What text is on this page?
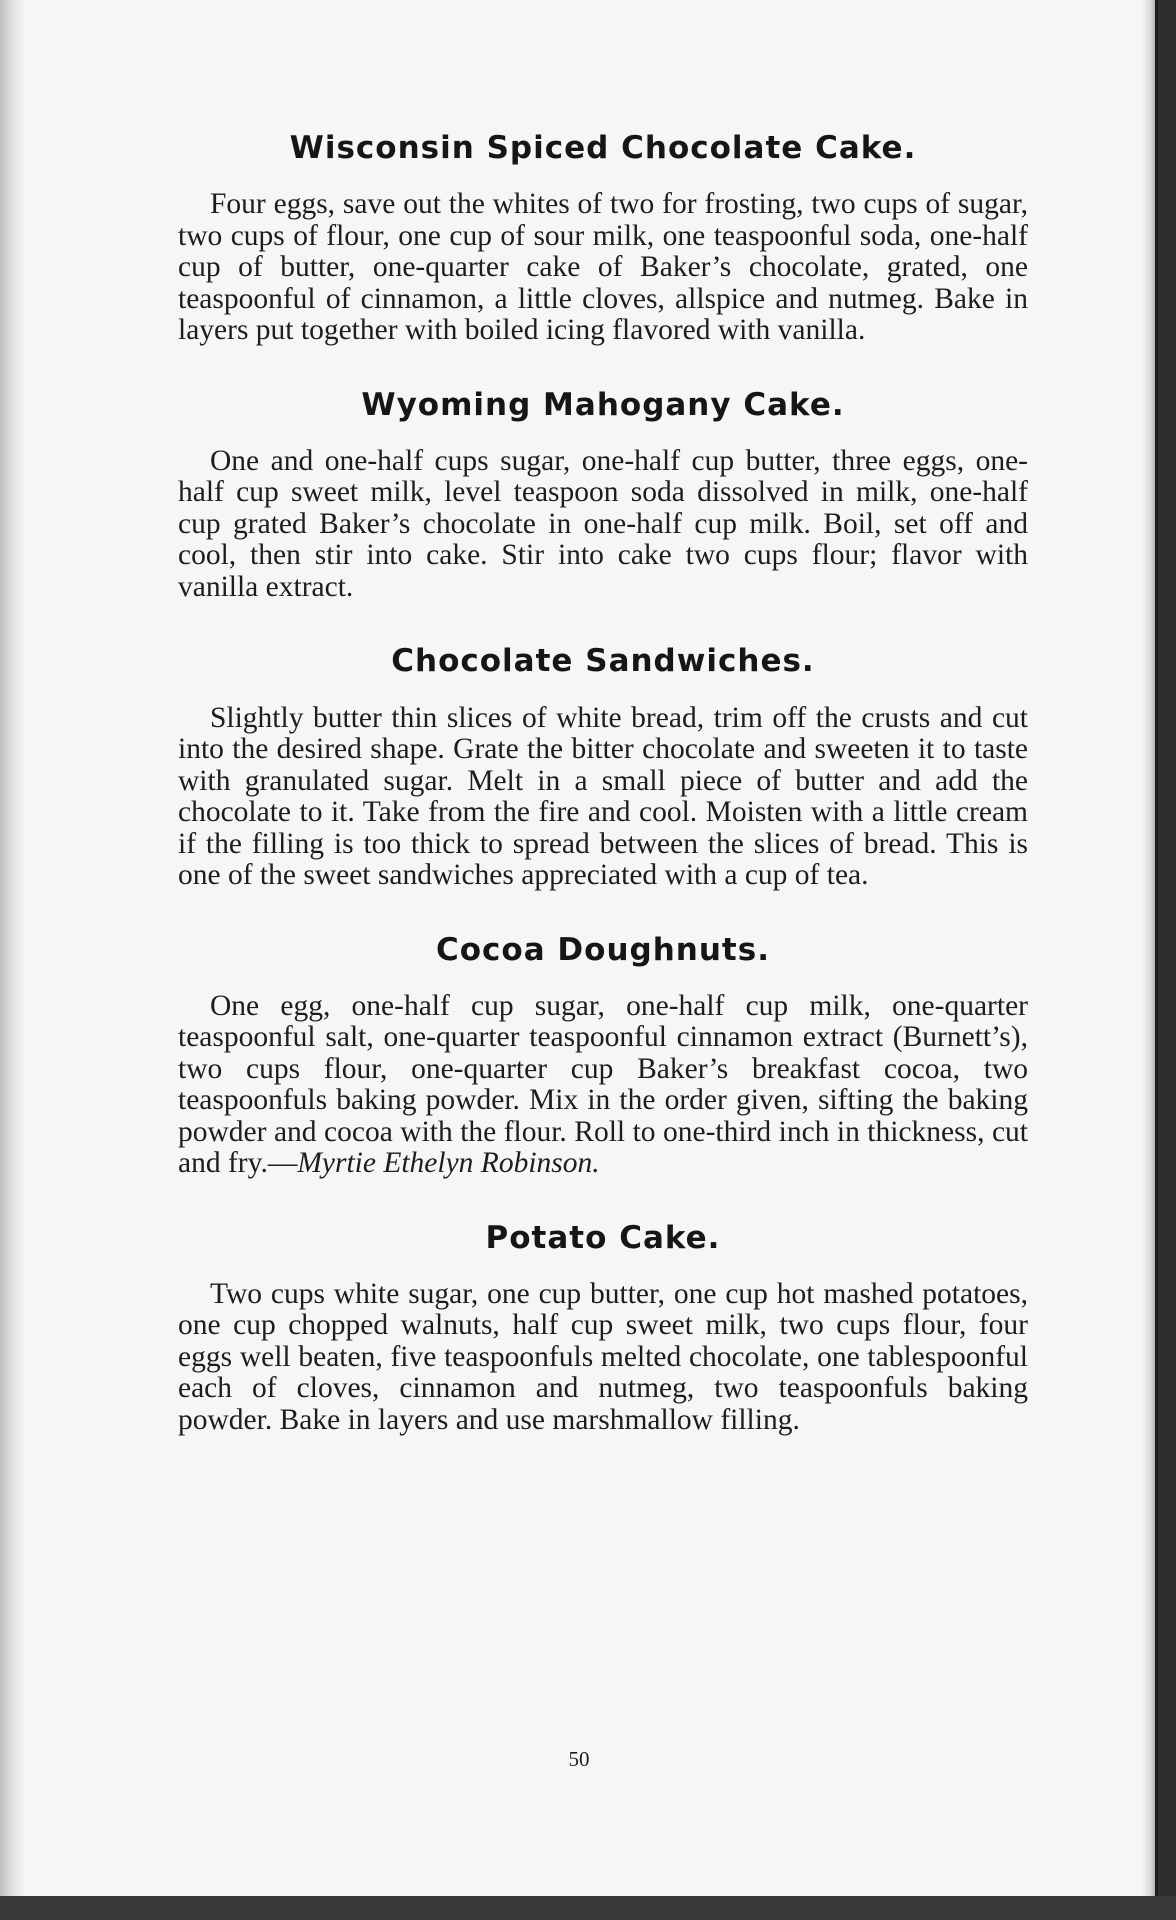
Wisconsin Spiced Chocolate Cake.

Four eggs, save out the whites of two for frosting, two cups of sugar, two cups of flour, one cup of sour milk, one teaspoonful soda, one-half cup of butter, one-quarter cake of Baker’s chocolate, grated, one teaspoonful of cinnamon, a little cloves, allspice and nutmeg. Bake in layers put together with boiled icing flavored with vanilla.

Wyoming Mahogany Cake.

One and one-half cups sugar, one-half cup butter, three eggs, one-half cup sweet milk, level teaspoon soda dissolved in milk, one-half cup grated Baker’s chocolate in one-half cup milk. Boil, set off and cool, then stir into cake. Stir into cake two cups flour; flavor with vanilla extract.

Chocolate Sandwiches.

Slightly butter thin slices of white bread, trim off the crusts and cut into the desired shape. Grate the bitter chocolate and sweeten it to taste with granulated sugar. Melt in a small piece of butter and add the chocolate to it. Take from the fire and cool. Moisten with a little cream if the filling is too thick to spread between the slices of bread. This is one of the sweet sandwiches appreciated with a cup of tea.

Cocoa Doughnuts.

One egg, one-half cup sugar, one-half cup milk, one-quarter teaspoonful salt, one-quarter teaspoonful cinnamon extract (Burnett’s), two cups flour, one-quarter cup Baker’s breakfast cocoa, two teaspoonfuls baking powder. Mix in the order given, sifting the baking powder and cocoa with the flour. Roll to one-third inch in thickness, cut and fry.—Myrtie Ethelyn Robinson.

Potato Cake.

Two cups white sugar, one cup butter, one cup hot mashed potatoes, one cup chopped walnuts, half cup sweet milk, two cups flour, four eggs well beaten, five teaspoonfuls melted chocolate, one tablespoonful each of cloves, cinnamon and nutmeg, two teaspoonfuls baking powder. Bake in layers and use marshmallow filling.

50
